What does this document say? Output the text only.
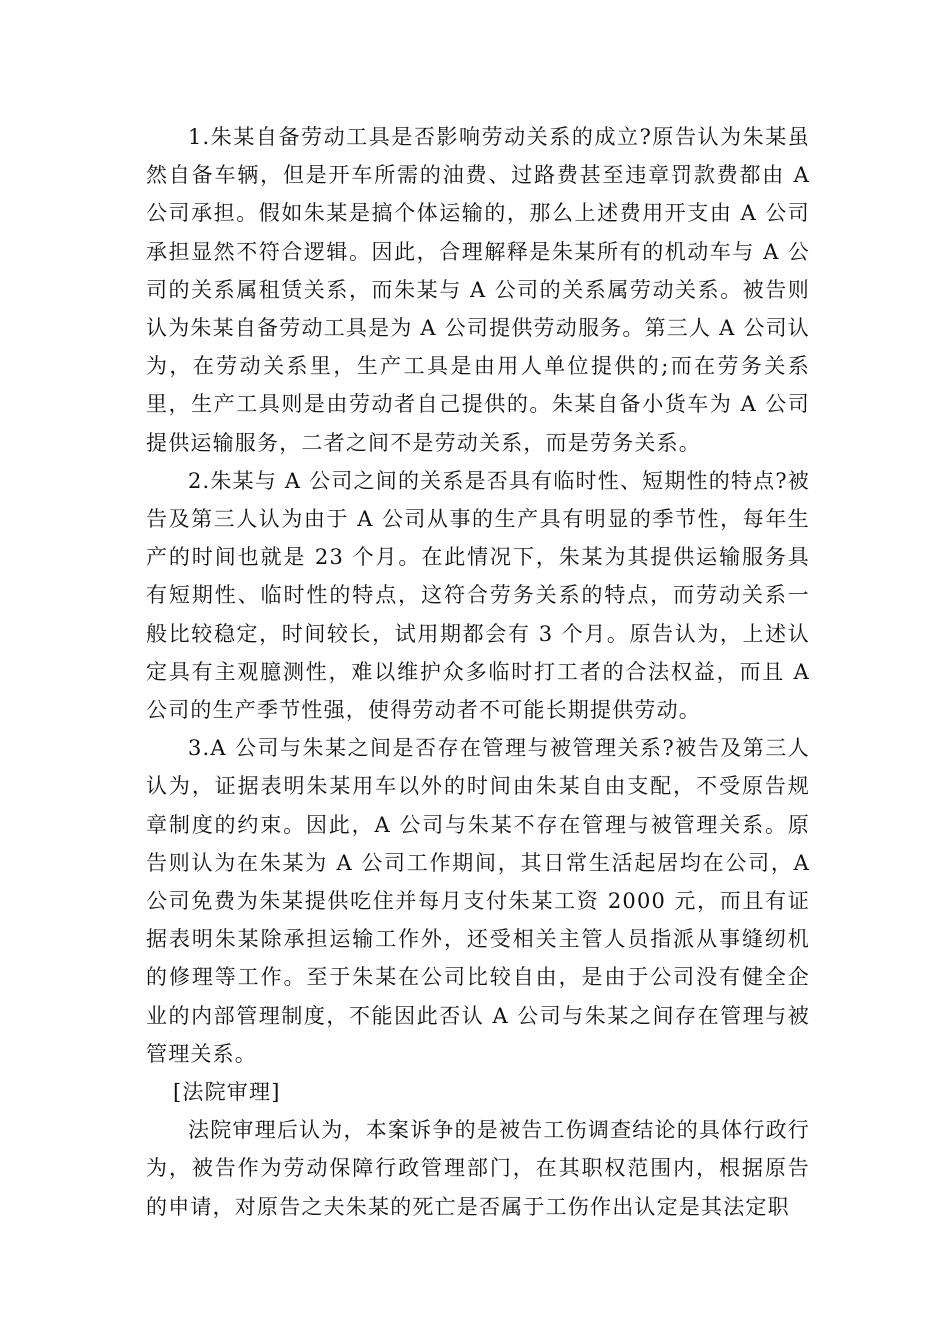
1.朱某自备劳动工具是否影响劳动关系的成立?原告认为朱某虽然自备车辆，但是开车所需的油费、过路费甚至违章罚款费都由 A 公司承担。假如朱某是搞个体运输的，那么上述费用开支由 A 公司承担显然不符合逻辑。因此，合理解释是朱某所有的机动车与 A 公司的关系属租赁关系，而朱某与 A 公司的关系属劳动关系。被告则认为朱某自备劳动工具是为 A 公司提供劳动服务。第三人 A 公司认为，在劳动关系里，生产工具是由用人单位提供的;而在劳务关系里，生产工具则是由劳动者自己提供的。朱某自备小货车为 A 公司提供运输服务，二者之间不是劳动关系，而是劳务关系。

2.朱某与 A 公司之间的关系是否具有临时性、短期性的特点?被告及第三人认为由于 A 公司从事的生产具有明显的季节性，每年生产的时间也就是 23 个月。在此情况下，朱某为其提供运输服务具有短期性、临时性的特点，这符合劳务关系的特点，而劳动关系一般比较稳定，时间较长，试用期都会有 3 个月。原告认为，上述认定具有主观臆测性，难以维护众多临时打工者的合法权益，而且 A 公司的生产季节性强，使得劳动者不可能长期提供劳动。

3.A 公司与朱某之间是否存在管理与被管理关系?被告及第三人认为，证据表明朱某用车以外的时间由朱某自由支配，不受原告规章制度的约束。因此，A 公司与朱某不存在管理与被管理关系。原告则认为在朱某为 A 公司工作期间，其日常生活起居均在公司，A 公司免费为朱某提供吃住并每月支付朱某工资 2000 元，而且有证据表明朱某除承担运输工作外，还受相关主管人员指派从事缝纫机的修理等工作。至于朱某在公司比较自由，是由于公司没有健全企业的内部管理制度，不能因此否认 A 公司与朱某之间存在管理与被管理关系。

[法院审理]

法院审理后认为，本案诉争的是被告工伤调查结论的具体行政行为，被告作为劳动保障行政管理部门，在其职权范围内，根据原告的申请，对原告之夫朱某的死亡是否属于工伤作出认定是其法定职
